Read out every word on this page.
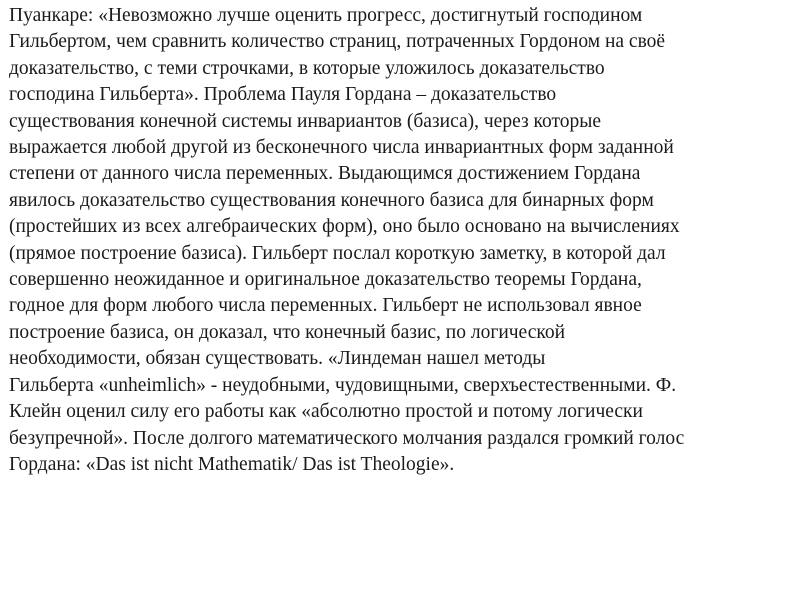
Пуанкаре: «Невозможно лучше оценить прогресс, достигнутый господином
Гильбертом, чем сравнить количество страниц, потраченных Гордоном на своё
доказательство, с теми строчками, в которые уложилось доказательство
господина Гильберта». Проблема Пауля Гордана – доказательство
существования конечной системы инвариантов (базиса), через которые
выражается любой другой из бесконечного числа инвариантных форм заданной
степени от данного числа переменных. Выдающимся достижением Гордана
явилось доказательство существования конечного базиса для бинарных форм
(простейших из всех алгебраических форм), оно было основано на вычислениях
(прямое построение базиса). Гильберт послал короткую заметку, в которой дал
совершенно неожиданное и оригинальное доказательство теоремы Гордана,
годное для форм любого числа переменных. Гильберт не использовал явное
построение базиса, он доказал, что конечный базис, по логической
необходимости, обязан существовать. «Линдеман нашел методы
Гильберта «unheimlich» - неудобными, чудовищными, сверхъестественными. Ф.
Клейн оценил силу его работы как «абсолютно простой и потому логически
безупречной». После долгого математического молчания раздался громкий голос
Гордана: «Das ist nicht Mathematik/ Das ist Theologie».
